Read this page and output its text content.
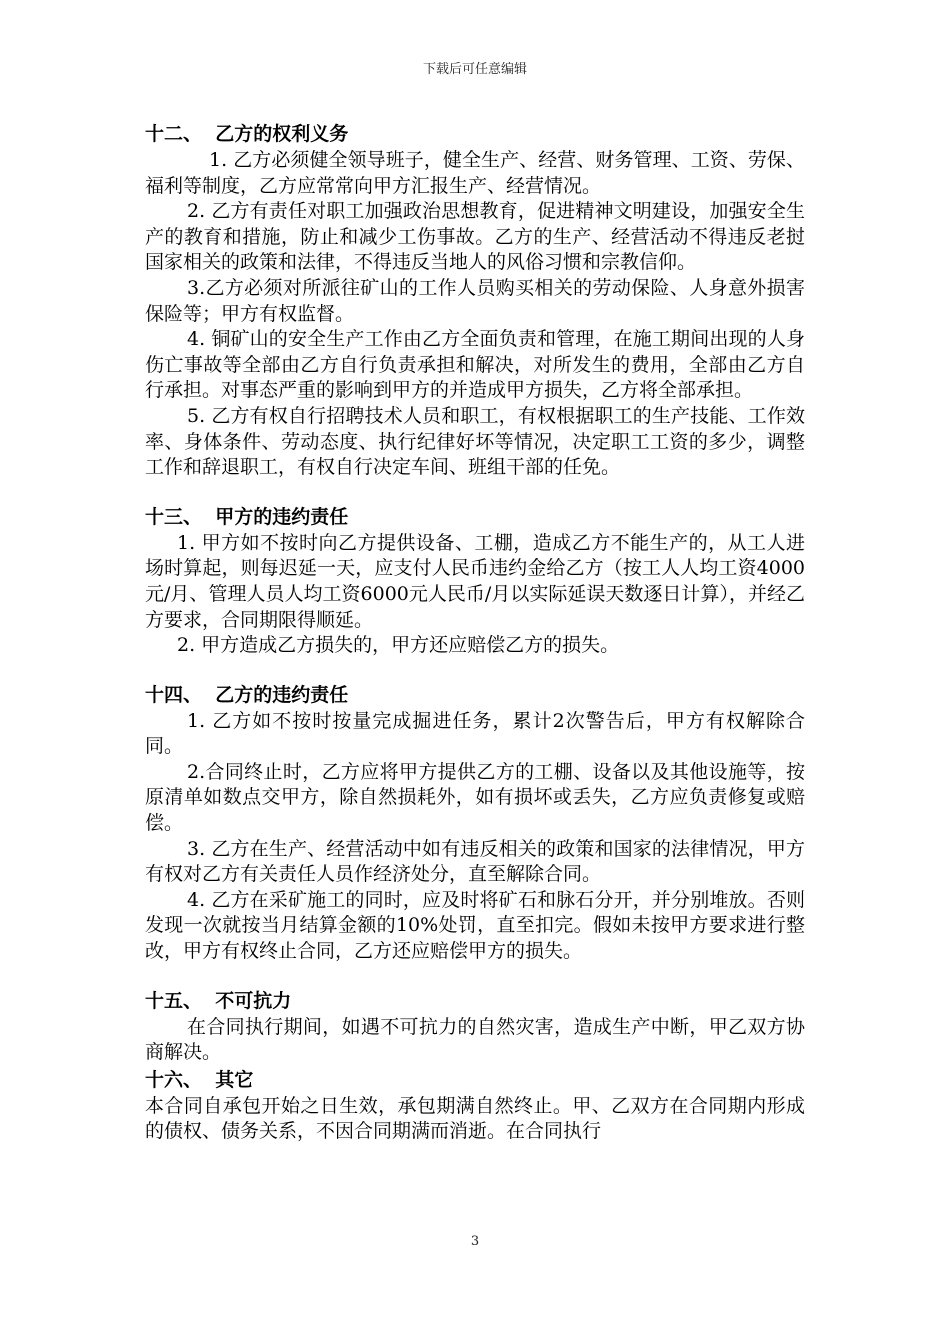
下载后可任意编辑

十二、  乙方的权利义务

1. 乙方必须健全领导班子，健全生产、经营、财务管理、工资、劳保、福利等制度，乙方应常常向甲方汇报生产、经营情况。

2. 乙方有责任对职工加强政治思想教育，促进精神文明建设，加强安全生产的教育和措施，防止和减少工伤事故。乙方的生产、经营活动不得违反老挝国家相关的政策和法律，不得违反当地人的风俗习惯和宗教信仰。

3.乙方必须对所派往矿山的工作人员购买相关的劳动保险、人身意外损害保险等；甲方有权监督。

4. 铜矿山的安全生产工作由乙方全面负责和管理，在施工期间出现的人身伤亡事故等全部由乙方自行负责承担和解决，对所发生的费用，全部由乙方自行承担。对事态严重的影响到甲方的并造成甲方损失，乙方将全部承担。

5. 乙方有权自行招聘技术人员和职工，有权根据职工的生产技能、工作效率、身体条件、劳动态度、执行纪律好坏等情况，决定职工工资的多少，调整工作和辞退职工，有权自行决定车间、班组干部的任免。

十三、  甲方的违约责任

1. 甲方如不按时向乙方提供设备、工棚，造成乙方不能生产的，从工人进场时算起，则每迟延一天，应支付人民币违约金给乙方（按工人人均工资4000元/月、管理人员人均工资6000元人民币/月以实际延误天数逐日计算），并经乙方要求，合同期限得顺延。

2. 甲方造成乙方损失的，甲方还应赔偿乙方的损失。

十四、  乙方的违约责任

1. 乙方如不按时按量完成掘进任务，累计2次警告后，甲方有权解除合同。

2.合同终止时，乙方应将甲方提供乙方的工棚、设备以及其他设施等，按原清单如数点交甲方，除自然损耗外，如有损坏或丢失，乙方应负责修复或赔偿。

3. 乙方在生产、经营活动中如有违反相关的政策和国家的法律情况，甲方有权对乙方有关责任人员作经济处分，直至解除合同。

4. 乙方在采矿施工的同时，应及时将矿石和脉石分开，并分别堆放。否则发现一次就按当月结算金额的10%处罚，直至扣完。假如未按甲方要求进行整改，甲方有权终止合同，乙方还应赔偿甲方的损失。

十五、  不可抗力

在合同执行期间，如遇不可抗力的自然灾害，造成生产中断，甲乙双方协商解决。

十六、  其它

本合同自承包开始之日生效，承包期满自然终止。甲、乙双方在合同期内形成的债权、债务关系，不因合同期满而消逝。在合同执行

3
